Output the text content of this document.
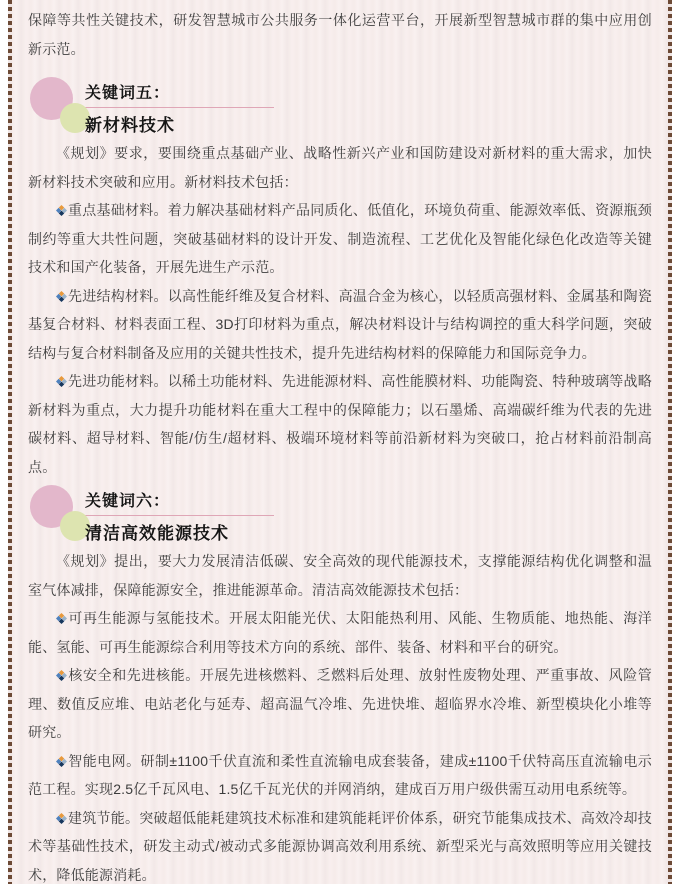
保障等共性关键技术，研发智慧城市公共服务一体化运营平台，开展新型智慧城市群的集中应用创新示范。

关键词五：
新材料技术

《规划》要求，要围绕重点基础产业、战略性新兴产业和国防建设对新材料的重大需求，加快新材料技术突破和应用。新材料技术包括：

重点基础材料。着力解决基础材料产品同质化、低值化，环境负荷重、能源效率低、资源瓶颈制约等重大共性问题，突破基础材料的设计开发、制造流程、工艺优化及智能化绿色化改造等关键技术和国产化装备，开展先进生产示范。

先进结构材料。以高性能纤维及复合材料、高温合金为核心，以轻质高强材料、金属基和陶瓷基复合材料、材料表面工程、3D打印材料为重点，解决材料设计与结构调控的重大科学问题，突破结构与复合材料制备及应用的关键共性技术，提升先进结构材料的保障能力和国际竞争力。

先进功能材料。以稀土功能材料、先进能源材料、高性能膜材料、功能陶瓷、特种玻璃等战略新材料为重点，大力提升功能材料在重大工程中的保障能力；以石墨烯、高端碳纤维为代表的先进碳材料、超导材料、智能/仿生/超材料、极端环境材料等前沿新材料为突破口，抢占材料前沿制高点。

关键词六：
清洁高效能源技术

《规划》提出，要大力发展清洁低碳、安全高效的现代能源技术，支撑能源结构优化调整和温室气体减排，保障能源安全，推进能源革命。清洁高效能源技术包括：

可再生能源与氢能技术。开展太阳能光伏、太阳能热利用、风能、生物质能、地热能、海洋能、氢能、可再生能源综合利用等技术方向的系统、部件、装备、材料和平台的研究。

核安全和先进核能。开展先进核燃料、乏燃料后处理、放射性废物处理、严重事故、风险管理、数值反应堆、电站老化与延寿、超高温气冷堆、先进快堆、超临界水冷堆、新型模块化小堆等研究。

智能电网。研制±1100千伏直流和柔性直流输电成套装备，建成±1100千伏特高压直流输电示范工程。实现2.5亿千瓦风电、1.5亿千瓦光伏的并网消纳，建成百万用户级供需互动用电系统等。

建筑节能。突破超低能耗建筑技术标准和建筑能耗评价体系，研究节能集成技术、高效冷却技术等基础性技术，研发主动式/被动式多能源协调高效利用系统、新型采光与高效照明等应用关键技术，降低能源消耗。
